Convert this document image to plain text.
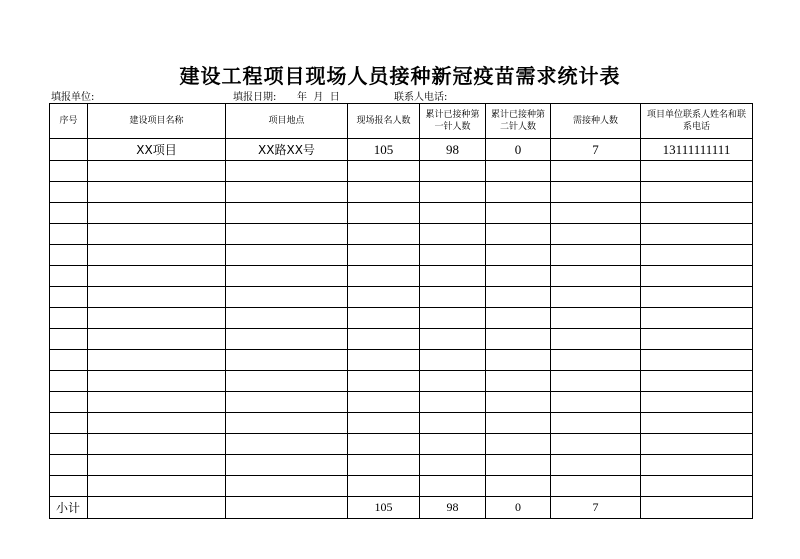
建设工程项目现场人员接种新冠疫苗需求统计表
填报单位:	填报日期: 年  月  日	联系人电话:
序号	建设项目名称	项目地点	现场报名人数	累计已接种第一针人数	累计已接种第二针人数	需接种人数	项目单位联系人姓名和联系电话
	XX项目	XX路XX号	105	98	0	7	13111111111

小计			105	98	0	7	
